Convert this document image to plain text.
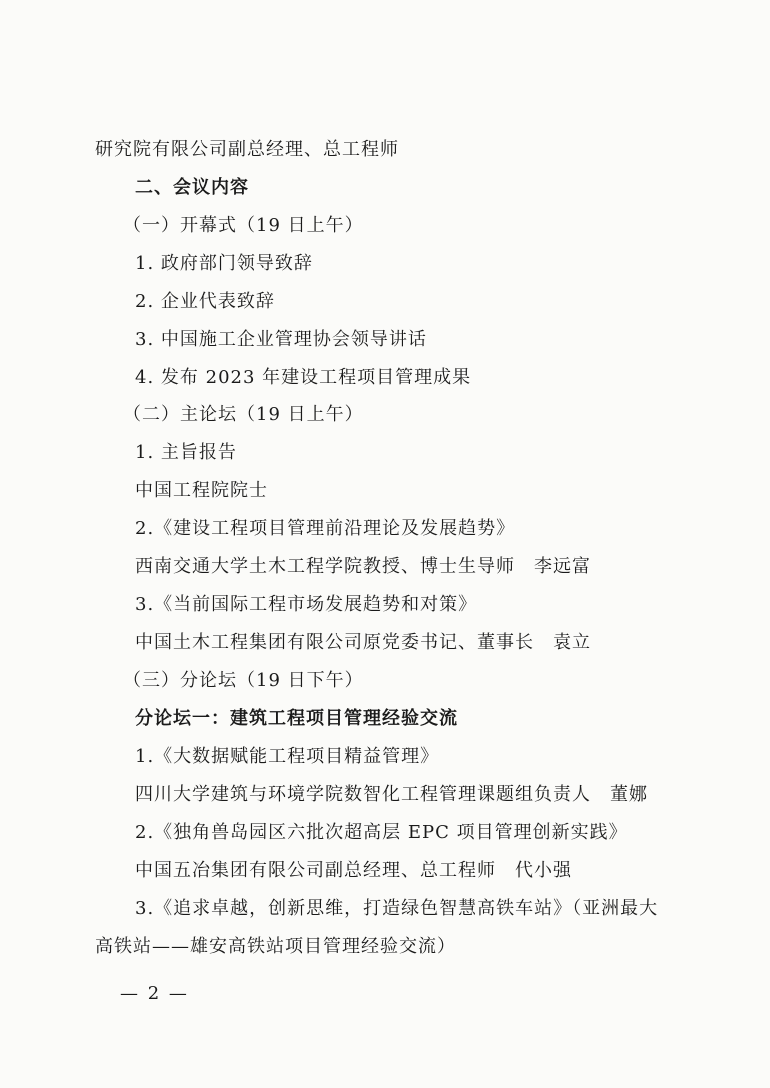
研究院有限公司副总经理、总工程师
二、会议内容
（一）开幕式（19 日上午）
1. 政府部门领导致辞
2. 企业代表致辞
3. 中国施工企业管理协会领导讲话
4. 发布 2023 年建设工程项目管理成果
（二）主论坛（19 日上午）
1. 主旨报告
中国工程院院士
2.《建设工程项目管理前沿理论及发展趋势》
西南交通大学土木工程学院教授、博士生导师　李远富
3.《当前国际工程市场发展趋势和对策》
中国土木工程集团有限公司原党委书记、董事长　袁立
（三）分论坛（19 日下午）
分论坛一：建筑工程项目管理经验交流
1.《大数据赋能工程项目精益管理》
四川大学建筑与环境学院数智化工程管理课题组负责人　董娜
2.《独角兽岛园区六批次超高层 EPC 项目管理创新实践》
中国五冶集团有限公司副总经理、总工程师　代小强
3.《追求卓越，创新思维，打造绿色智慧高铁车站》（亚洲最大
高铁站——雄安高铁站项目管理经验交流）
— 2 —
